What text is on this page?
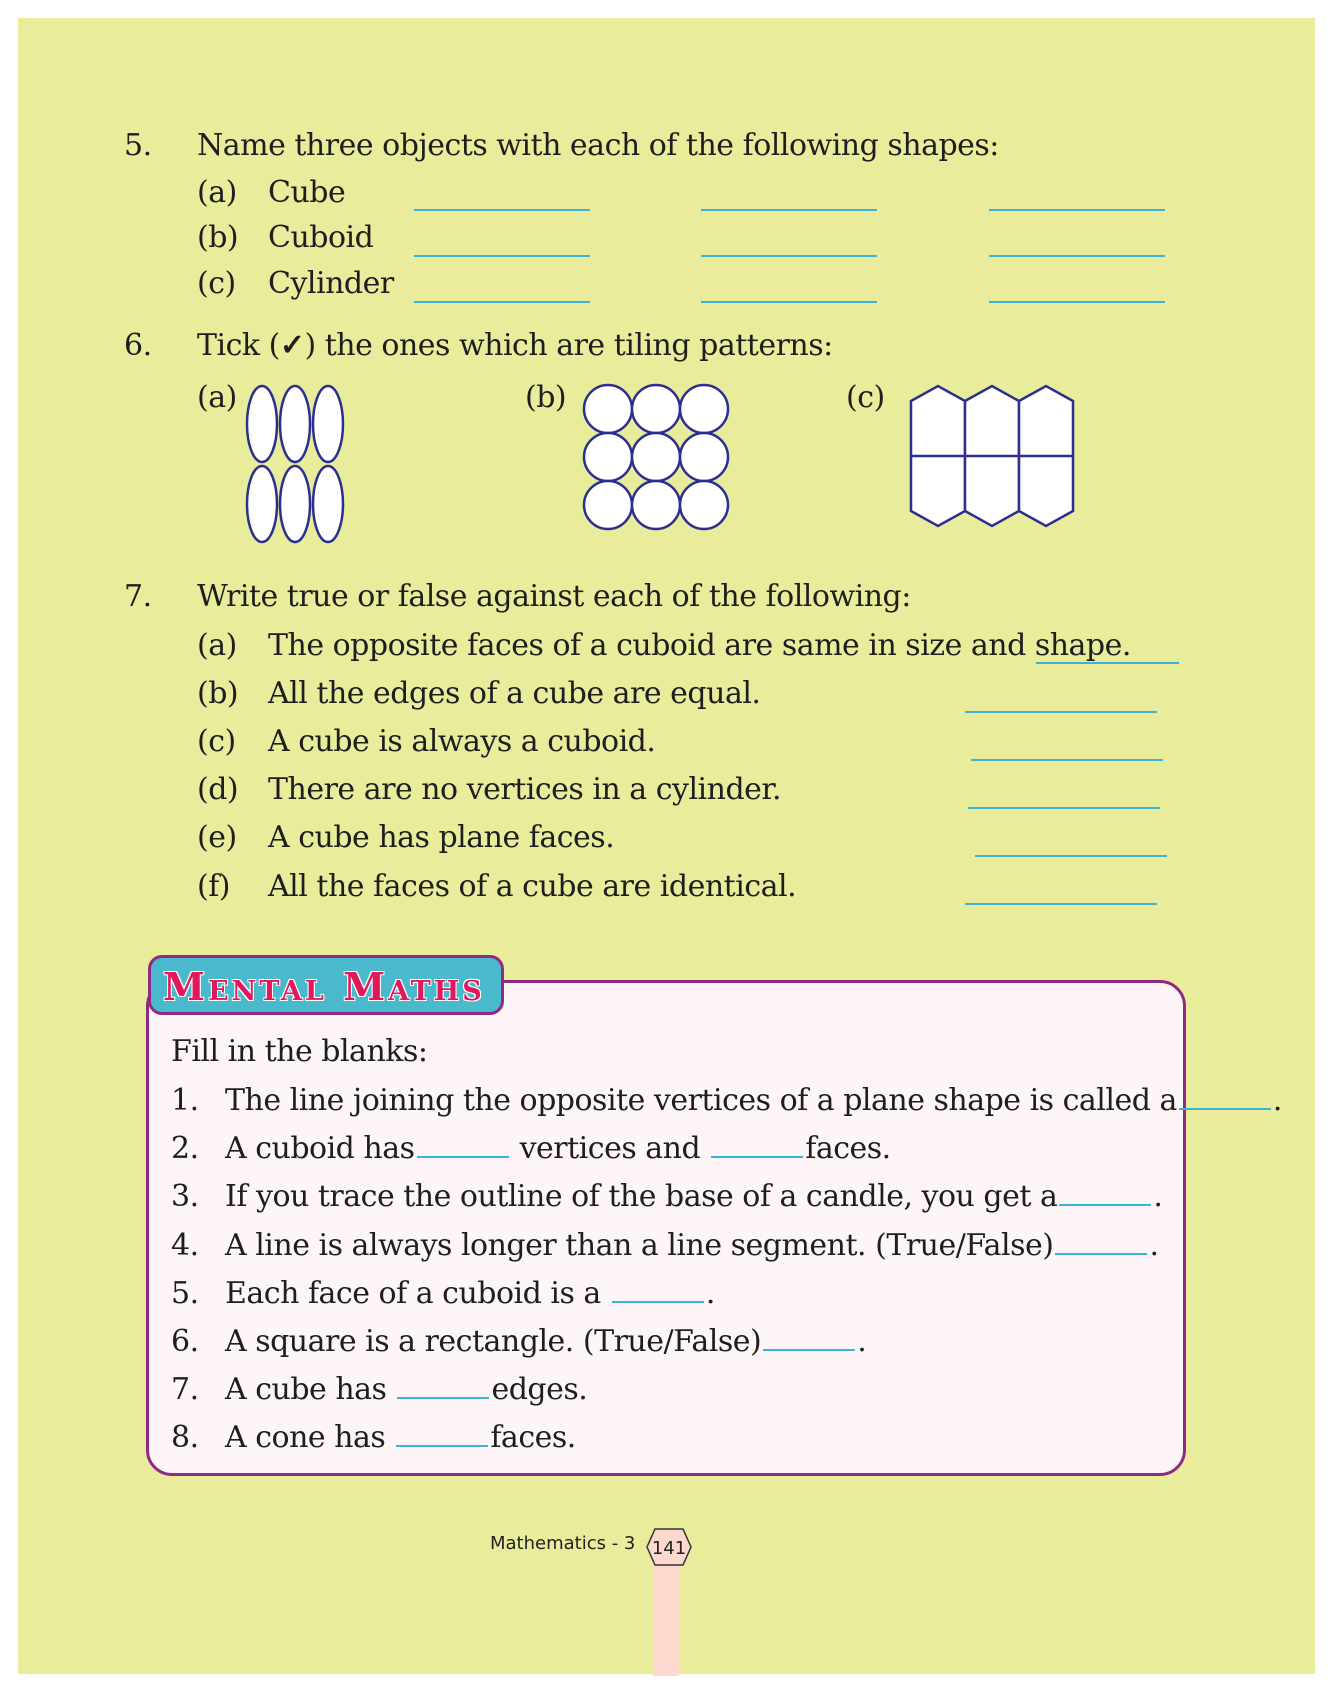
5. Name three objects with each of the following shapes:
(a) Cube
(b) Cuboid
(c) Cylinder
6. Tick (✓) the ones which are tiling patterns:
(a)	(b)	(c)
7. Write true or false against each of the following:
(a) The opposite faces of a cuboid are same in size and shape.
(b) All the edges of a cube are equal.
(c) A cube is always a cuboid.
(d) There are no vertices in a cylinder.
(e) A cube has plane faces.
(f) All the faces of a cube are identical.
Mental Maths
Fill in the blanks:
1. The line joining the opposite vertices of a plane shape is called a	.
2. A cuboid has	vertices and	faces.
3. If you trace the outline of the base of a candle, you get a	.
4. A line is always longer than a line segment. (True/False)	.
5. Each face of a cuboid is a	.
6. A square is a rectangle. (True/False)	.
7. A cube has	edges.
8. A cone has	faces.
Mathematics - 3 141
